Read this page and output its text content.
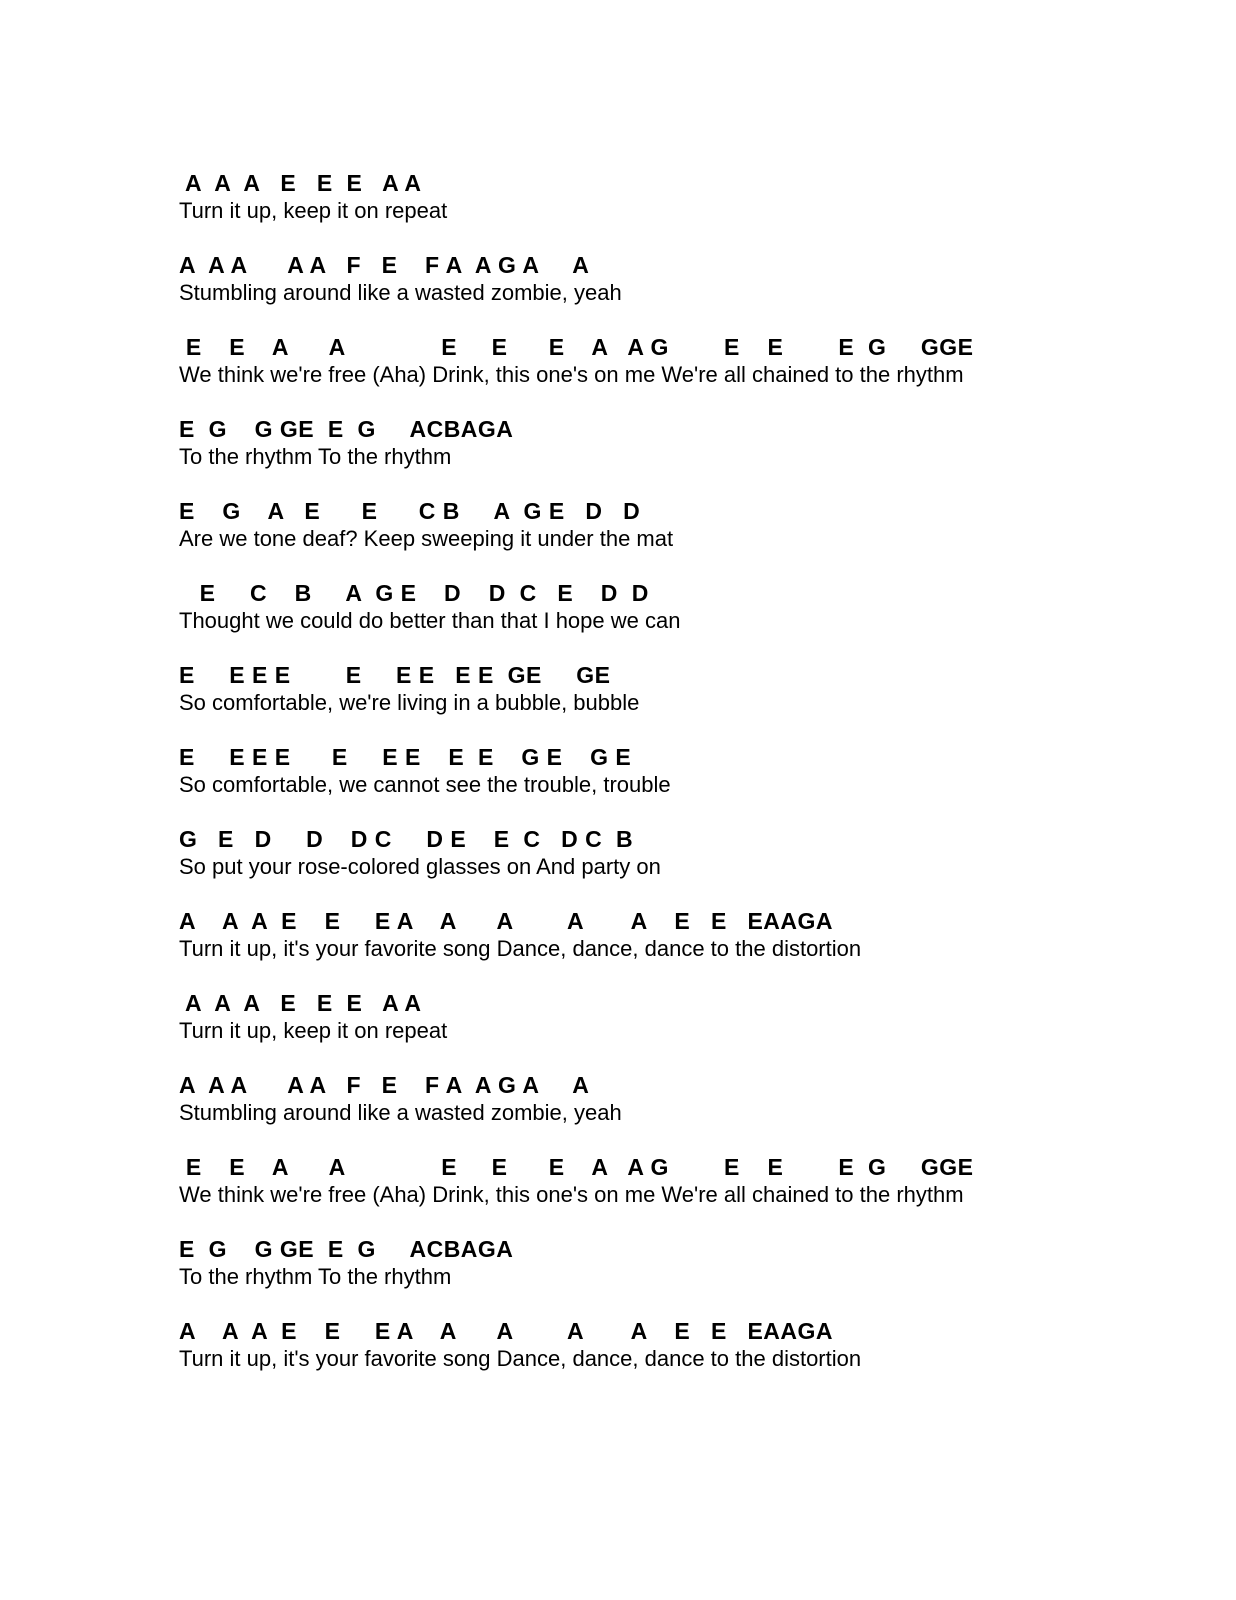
A  A  A   E   E  E   A A
Turn it up, keep it on repeat
A  A A      A A   F   E    F A  A G A     A
Stumbling around like a wasted zombie, yeah
E    E    A      A              E     E      E    A   A G        E    E        E  G     GGE
We think we're free (Aha) Drink, this one's on me We're all chained to the rhythm
E  G    G GE  E  G     ACBAGA
To the rhythm To the rhythm
E    G    A   E      E      C B     A  G E   D   D
Are we tone deaf? Keep sweeping it under the mat
E     C    B     A  G E    D    D  C   E    D  D
Thought we could do better than that I hope we can
E     E E E        E     E E   E E  GE     GE
So comfortable, we're living in a bubble, bubble
E     E E E      E     E E    E  E    G E    G E
So comfortable, we cannot see the trouble, trouble
G   E   D     D    D C     D E    E  C   D C  B
So put your rose-colored glasses on And party on
A    A  A  E    E     E A    A      A        A       A    E   E   EAAGA
Turn it up, it's your favorite song Dance, dance, dance to the distortion
A  A  A   E   E  E   A A
Turn it up, keep it on repeat
A  A A      A A   F   E    F A  A G A     A
Stumbling around like a wasted zombie, yeah
E    E    A      A              E     E      E    A   A G        E    E        E  G     GGE
We think we're free (Aha) Drink, this one's on me We're all chained to the rhythm
E  G    G GE  E  G     ACBAGA
To the rhythm To the rhythm
A    A  A  E    E     E A    A      A        A       A    E   E   EAAGA
Turn it up, it's your favorite song Dance, dance, dance to the distortion
